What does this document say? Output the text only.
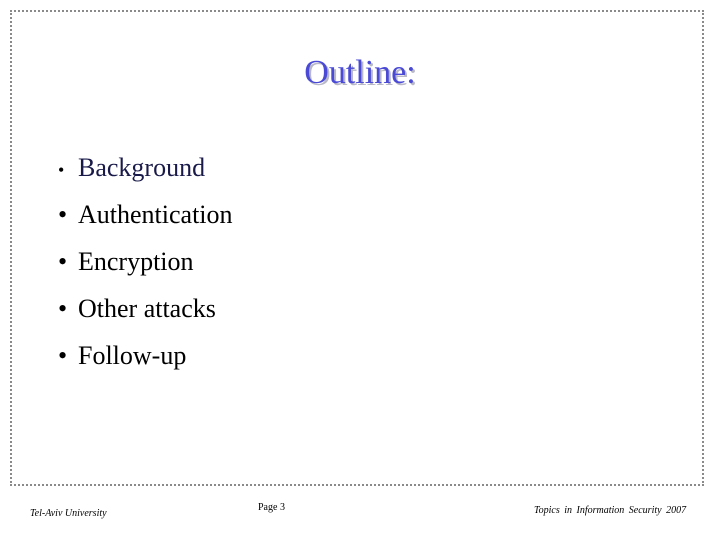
Outline:
• Background
• Authentication
• Encryption
• Other attacks
• Follow-up
Tel-Aviv University
Page 3	Topics in Information Security 2007
